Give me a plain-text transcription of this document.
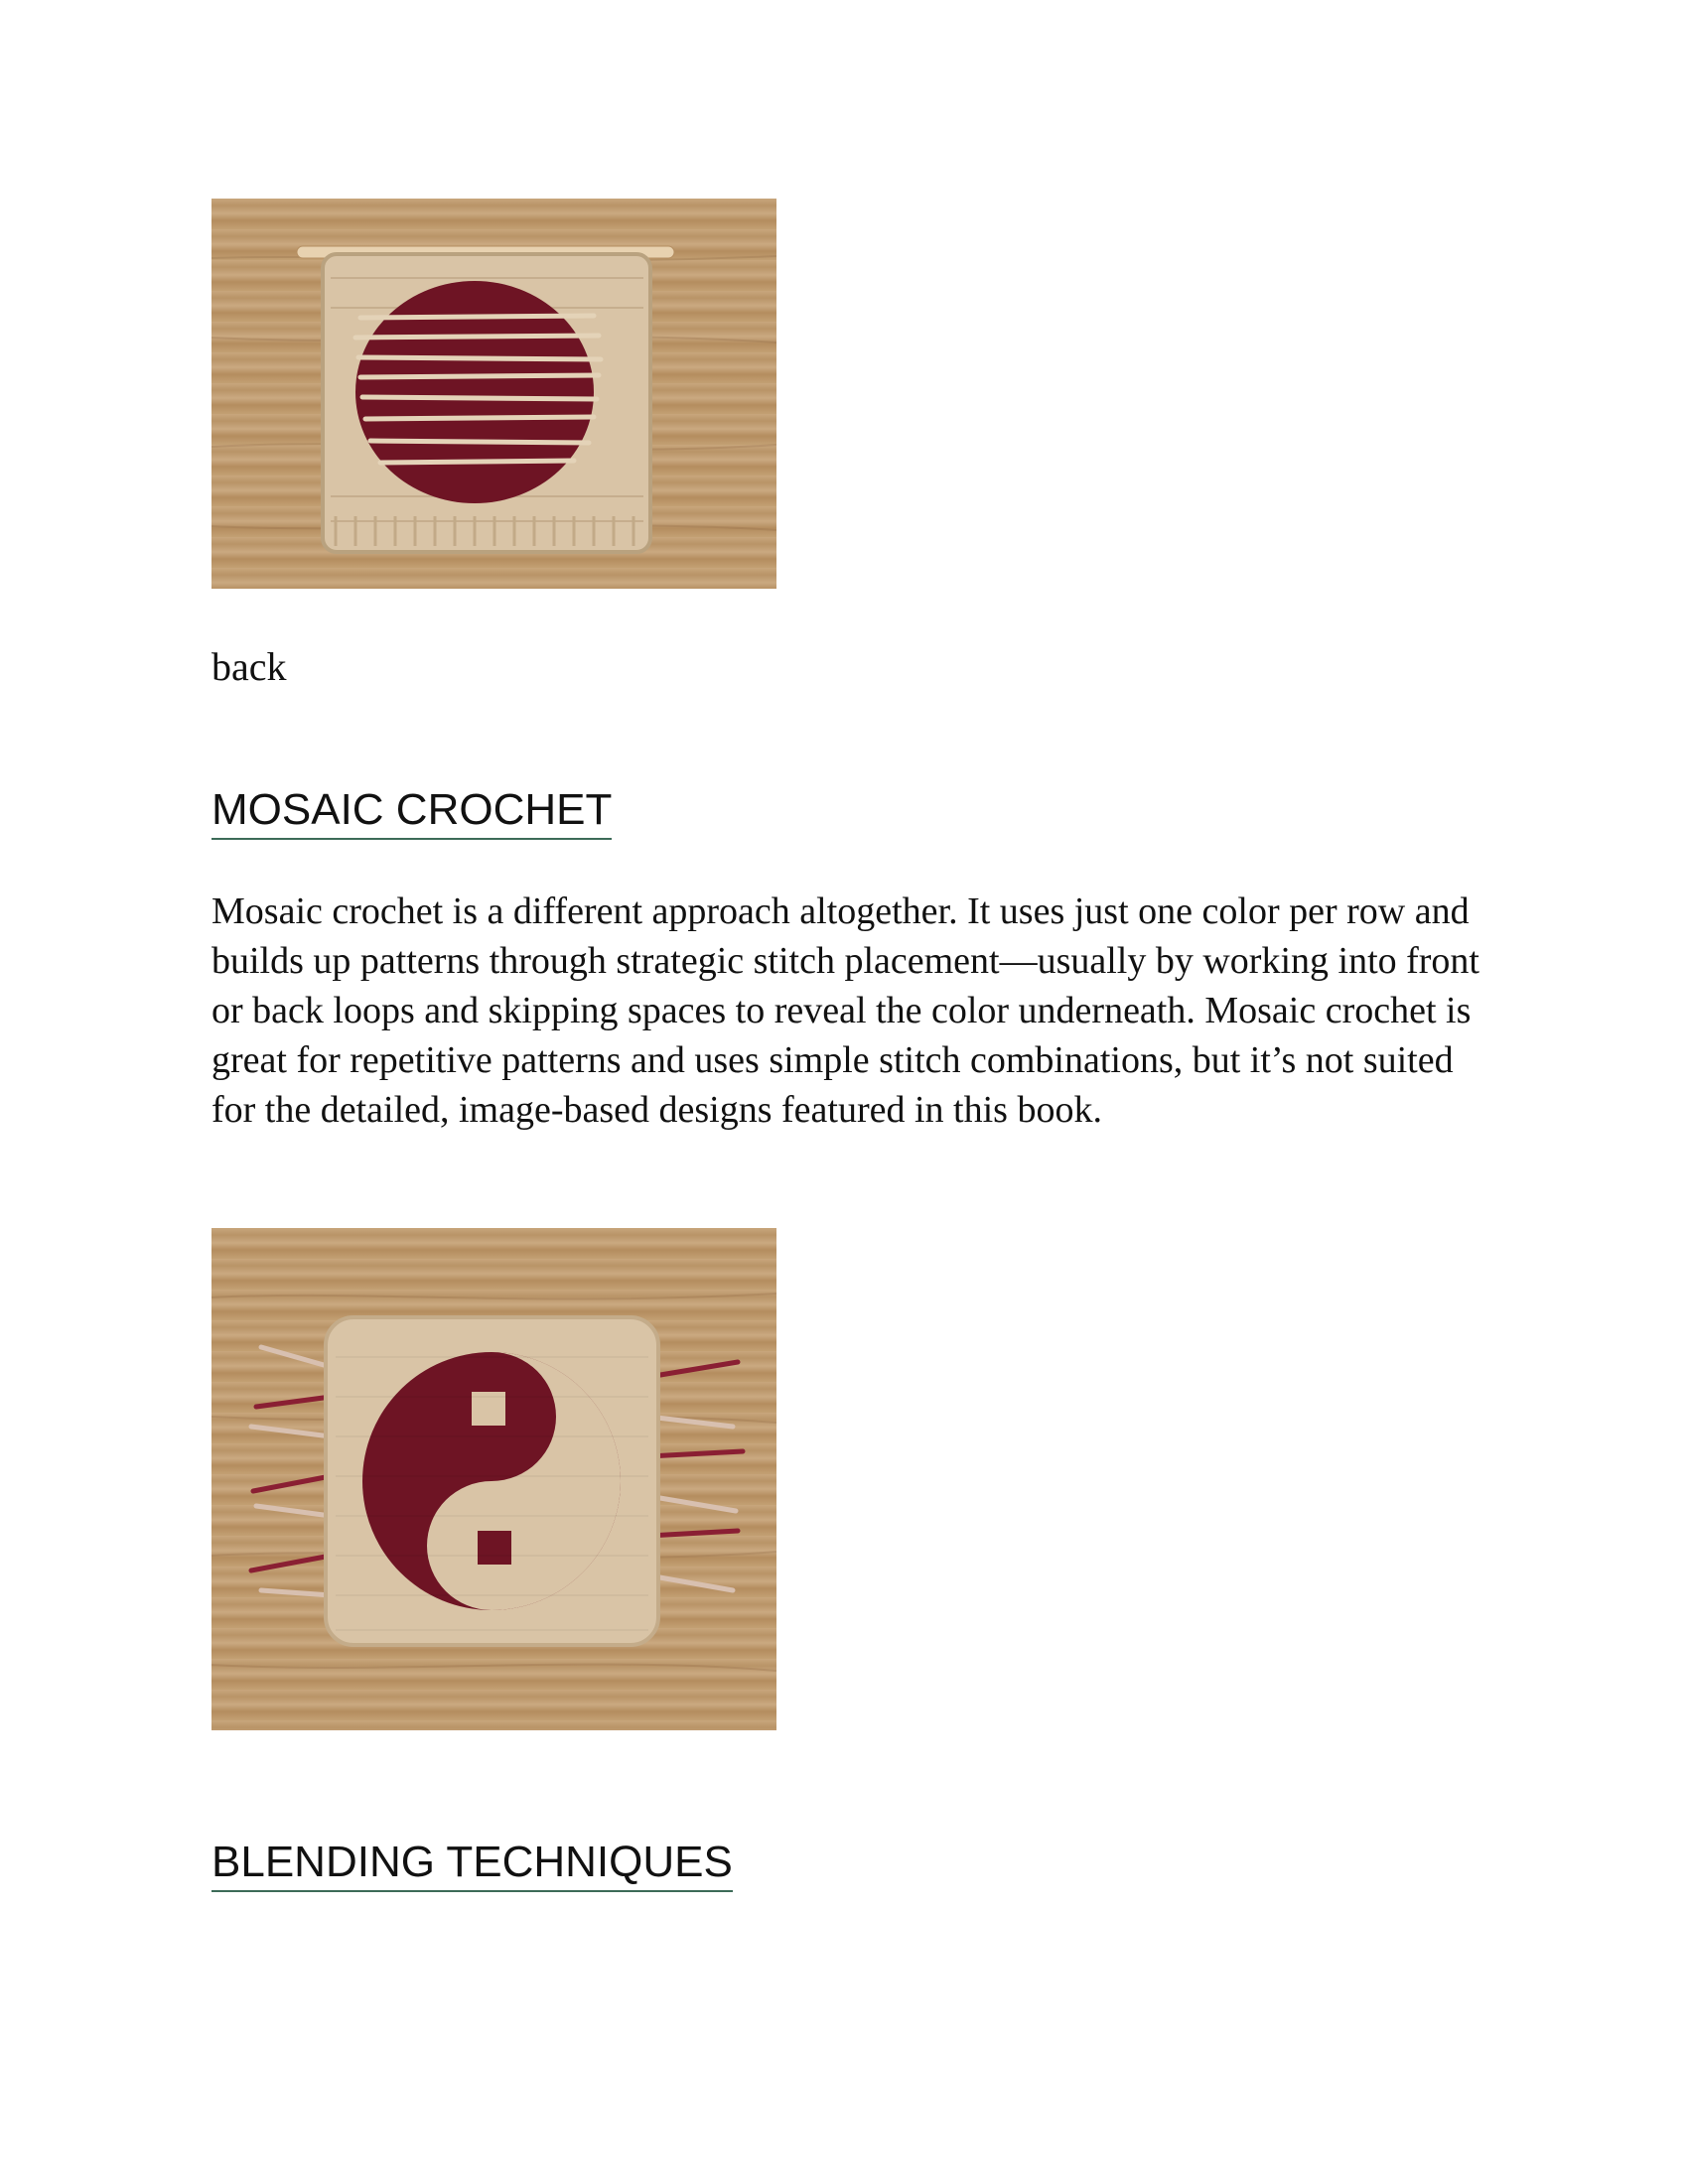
back

MOSAIC CROCHET

Mosaic crochet is a different approach altogether. It uses just one color per row and builds up patterns through strategic stitch placement—usually by working into front or back loops and skipping spaces to reveal the color underneath. Mosaic crochet is great for repetitive patterns and uses simple stitch combinations, but it’s not suited for the detailed, image-based designs featured in this book.

BLENDING TECHNIQUES
